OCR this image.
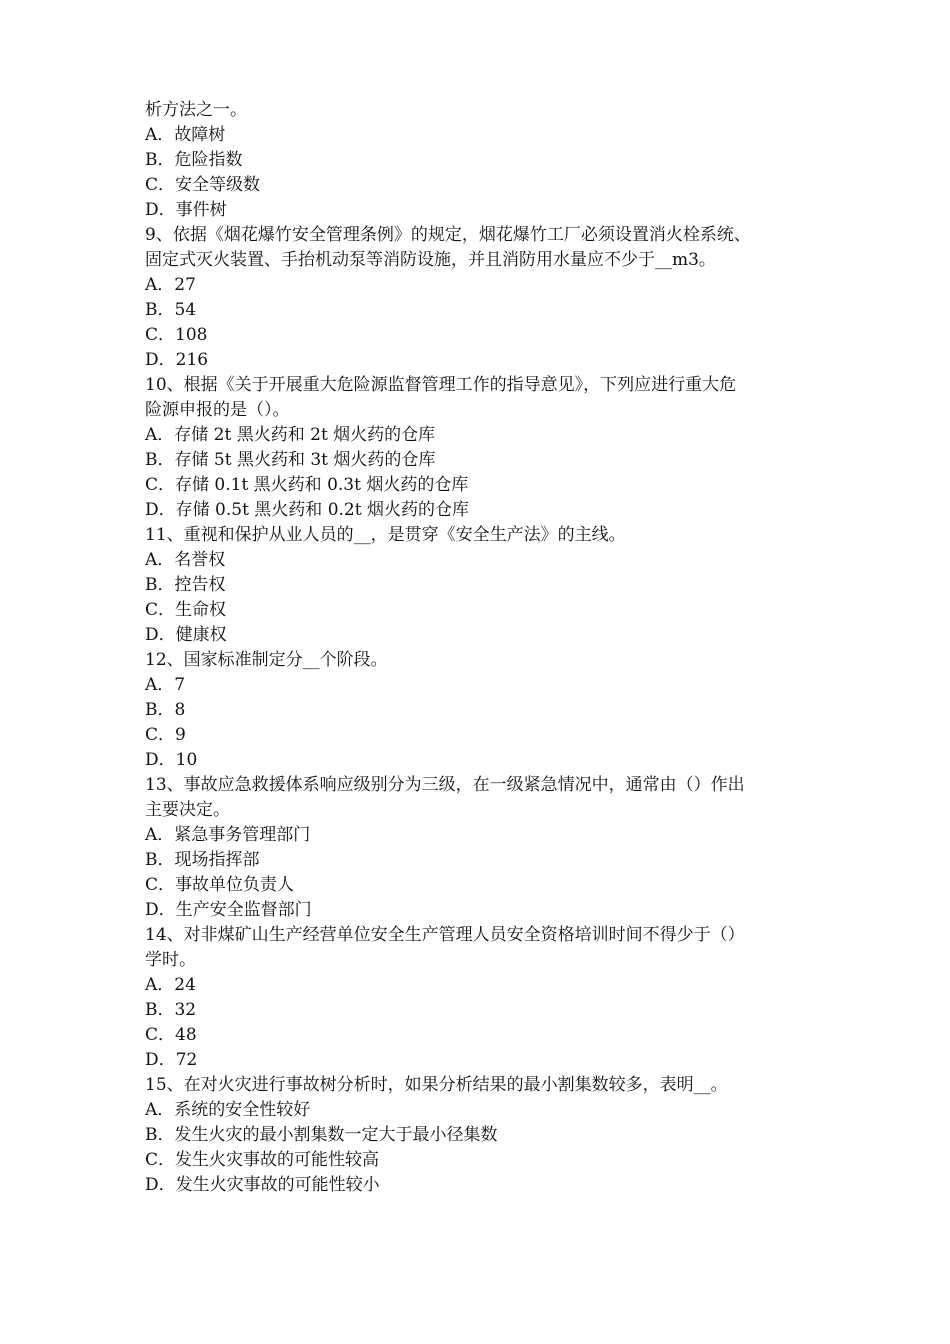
析方法之一。
A．故障树
B．危险指数
C．安全等级数
D．事件树
9、依据《烟花爆竹安全管理条例》的规定，烟花爆竹工厂必须设置消火栓系统、
固定式灭火装置、手抬机动泵等消防设施，并且消防用水量应不少于__m3。
A．27
B．54
C．108
D．216
10、根据《关于开展重大危险源监督管理工作的指导意见》，下列应进行重大危
险源申报的是（）。
A．存储 2t 黑火药和 2t 烟火药的仓库
B．存储 5t 黑火药和 3t 烟火药的仓库
C．存储 0.1t 黑火药和 0.3t 烟火药的仓库
D．存储 0.5t 黑火药和 0.2t 烟火药的仓库
11、重视和保护从业人员的__，是贯穿《安全生产法》的主线。
A．名誉权
B．控告权
C．生命权
D．健康权
12、国家标准制定分__个阶段。
A．7
B．8
C．9
D．10
13、事故应急救援体系响应级别分为三级，在一级紧急情况中，通常由（）作出
主要决定。
A．紧急事务管理部门
B．现场指挥部
C．事故单位负责人
D．生产安全监督部门
14、对非煤矿山生产经营单位安全生产管理人员安全资格培训时间不得少于（）
学时。
A．24
B．32
C．48
D．72
15、在对火灾进行事故树分析时，如果分析结果的最小割集数较多，表明__。
A．系统的安全性较好
B．发生火灾的最小割集数一定大于最小径集数
C．发生火灾事故的可能性较高
D．发生火灾事故的可能性较小
